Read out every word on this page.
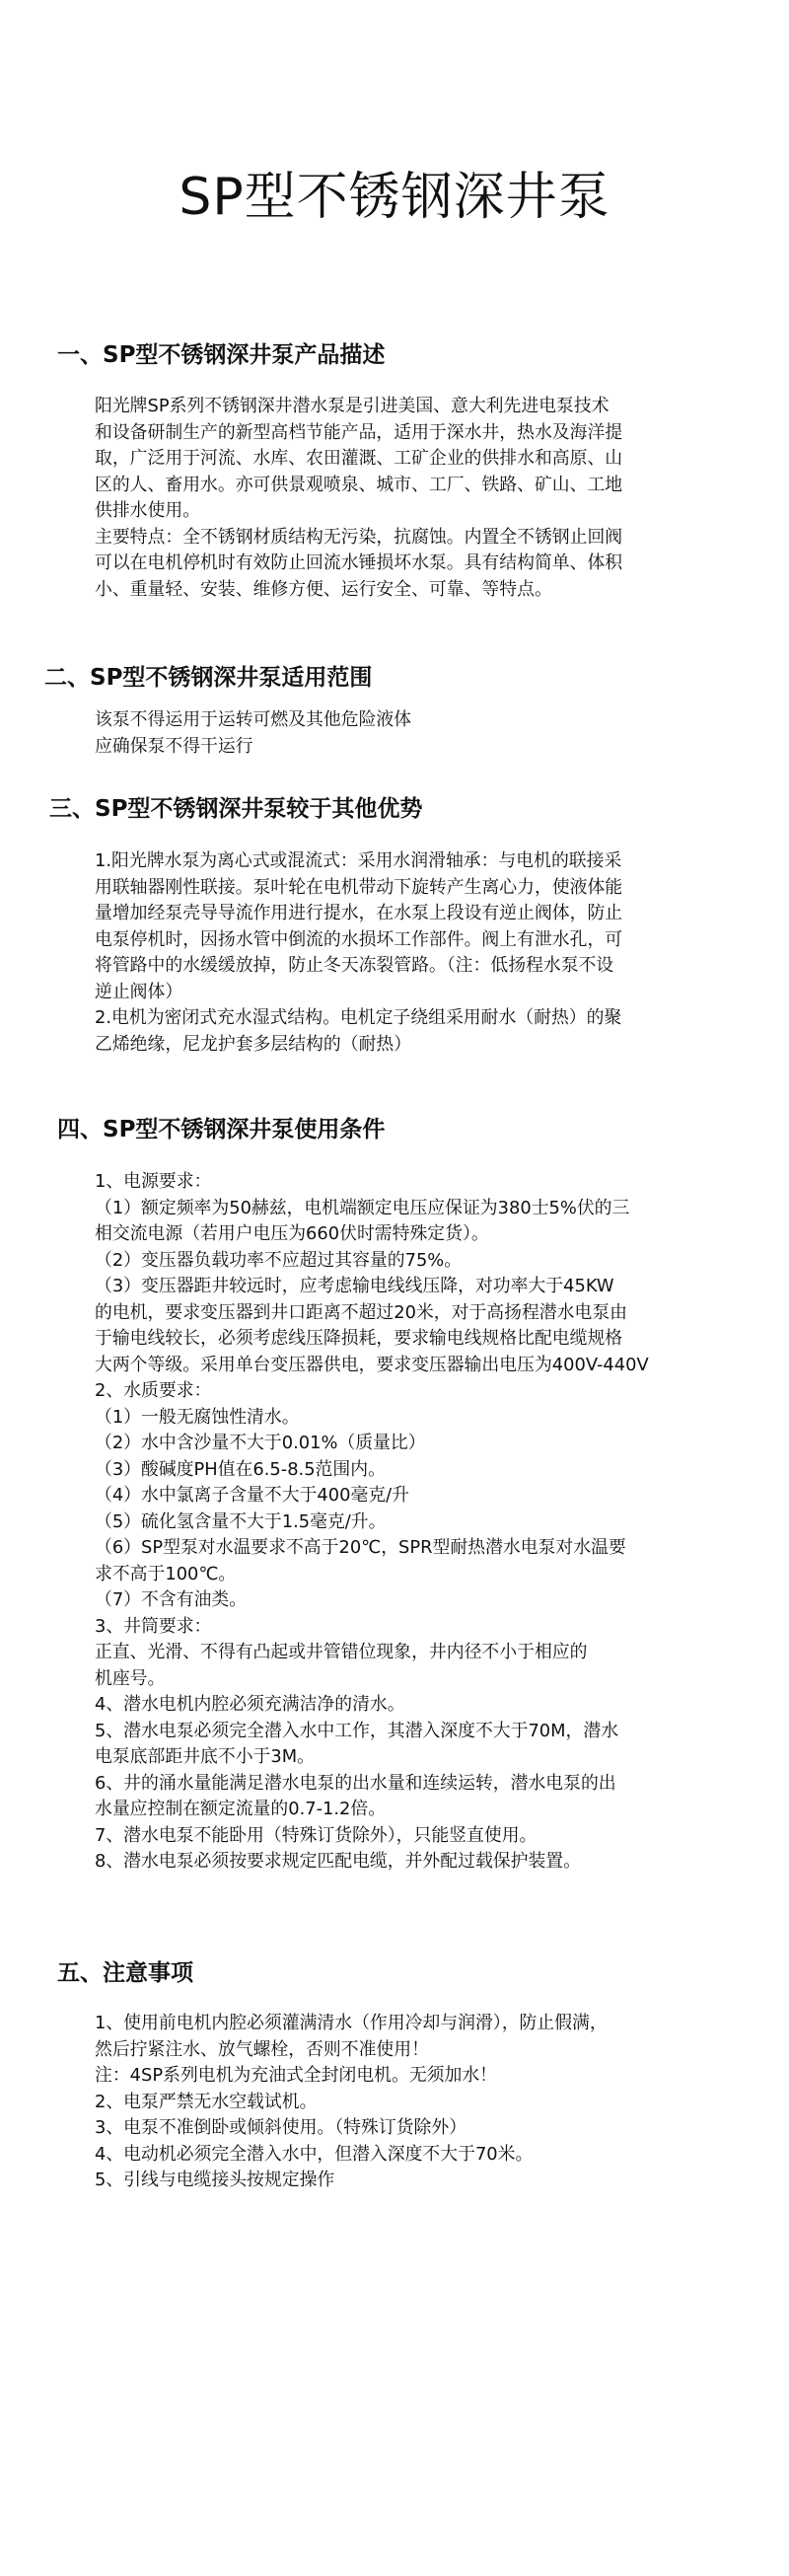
SP型不锈钢深井泵
一、SP型不锈钢深井泵产品描述

阳光牌SP系列不锈钢深井潜水泵是引进美国、意大利先进电泵技术

和设备研制生产的新型高档节能产品，适用于深水井，热水及海洋提

取，广泛用于河流、水库、农田灌溉、工矿企业的供排水和高原、山

区的人、畜用水。亦可供景观喷泉、城市、工厂、铁路、矿山、工地

供排水使用。

主要特点：全不锈钢材质结构无污染，抗腐蚀。内置全不锈钢止回阀

可以在电机停机时有效防止回流水锤损坏水泵。具有结构简单、体积

小、重量轻、安装、维修方便、运行安全、可靠、等特点。

二、SP型不锈钢深井泵适用范围

该泵不得运用于运转可燃及其他危险液体

应确保泵不得干运行

三、SP型不锈钢深井泵较于其他优势

1.阳光牌水泵为离心式或混流式：采用水润滑轴承：与电机的联接采

用联轴器刚性联接。泵叶轮在电机带动下旋转产生离心力，使液体能

量增加经泵壳导导流作用进行提水，在水泵上段设有逆止阀体，防止

电泵停机时，因扬水管中倒流的水损坏工作部件。阀上有泄水孔，可

将管路中的水缓缓放掉，防止冬天冻裂管路。（注：低扬程水泵不设

逆止阀体）

2.电机为密闭式充水湿式结构。电机定子绕组采用耐水（耐热）的聚

乙烯绝缘，尼龙护套多层结构的（耐热）

四、SP型不锈钢深井泵使用条件

1、电源要求：

（1）额定频率为50赫兹，电机端额定电压应保证为380士5%伏的三

相交流电源（若用户电压为660伏时需特殊定货）。

（2）变压器负载功率不应超过其容量的75%。

（3）变压器距井较远时，应考虑输电线线压降，对功率大于45KW

的电机，要求变压器到井口距离不超过20米，对于高扬程潜水电泵由

于输电线较长，必须考虑线压降损耗，要求输电线规格比配电缆规格

大两个等级。采用单台变压器供电，要求变压器输出电压为400V-440V

2、水质要求：

（1）一般无腐蚀性清水。

（2）水中含沙量不大于0.01%（质量比）

（3）酸碱度PH值在6.5-8.5范围内。

（4）水中氯离子含量不大于400毫克/升

（5）硫化氢含量不大于1.5毫克/升。

（6）SP型泵对水温要求不高于20℃，SPR型耐热潜水电泵对水温要

求不高于100℃。

（7）不含有油类。

3、井筒要求：

正直、光滑、不得有凸起或井管错位现象，井内径不小于相应的

机座号。

4、潜水电机内腔必须充满洁净的清水。

5、潜水电泵必须完全潜入水中工作，其潜入深度不大于70M，潜水

电泵底部距井底不小于3M。

6、井的涌水量能满足潜水电泵的出水量和连续运转，潜水电泵的出

水量应控制在额定流量的0.7-1.2倍。

7、潜水电泵不能卧用（特殊订货除外），只能竖直使用。

8、潜水电泵必须按要求规定匹配电缆，并外配过载保护装置。

五、注意事项

1、使用前电机内腔必须灌满清水（作用冷却与润滑），防止假满，

然后拧紧注水、放气螺栓，否则不准使用！

注：4SP系列电机为充油式全封闭电机。无须加水！

2、电泵严禁无水空载试机。

3、电泵不准倒卧或倾斜使用。（特殊订货除外）

4、电动机必须完全潜入水中，但潜入深度不大于70米。

5、引线与电缆接头按规定操作
